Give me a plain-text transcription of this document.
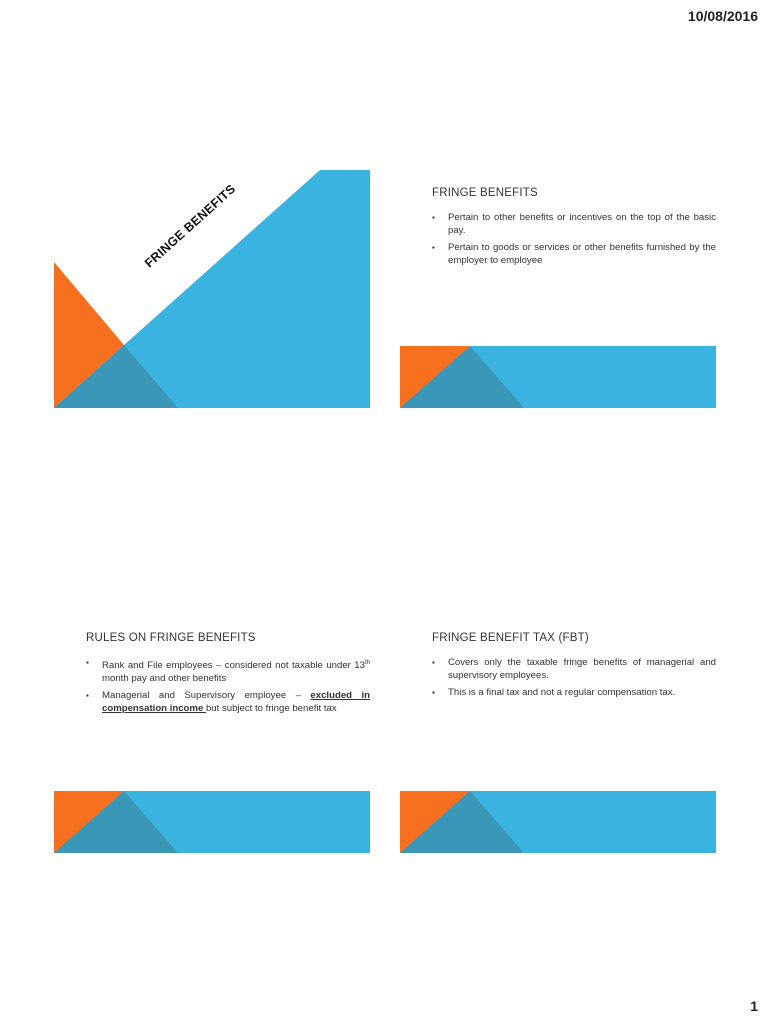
10/08/2016
FRINGE BENEFITS	FRINGE BENEFITS
▪ Pertain to other benefits or incentives on the top of the basic pay.
▪ Pertain to goods or services or other benefits furnished by the employer to employee
RULES ON FRINGE BENEFITS
▪ Rank and File employees – considered not taxable under 13th month pay and other benefits
▪ Managerial and Supervisory employee – excluded in compensation income but subject to fringe benefit tax
FRINGE BENEFIT TAX (FBT)
▪ Covers only the taxable fringe benefits of managerial and supervisory employees.
▪ This is a final tax and not a regular compensation tax.
1
